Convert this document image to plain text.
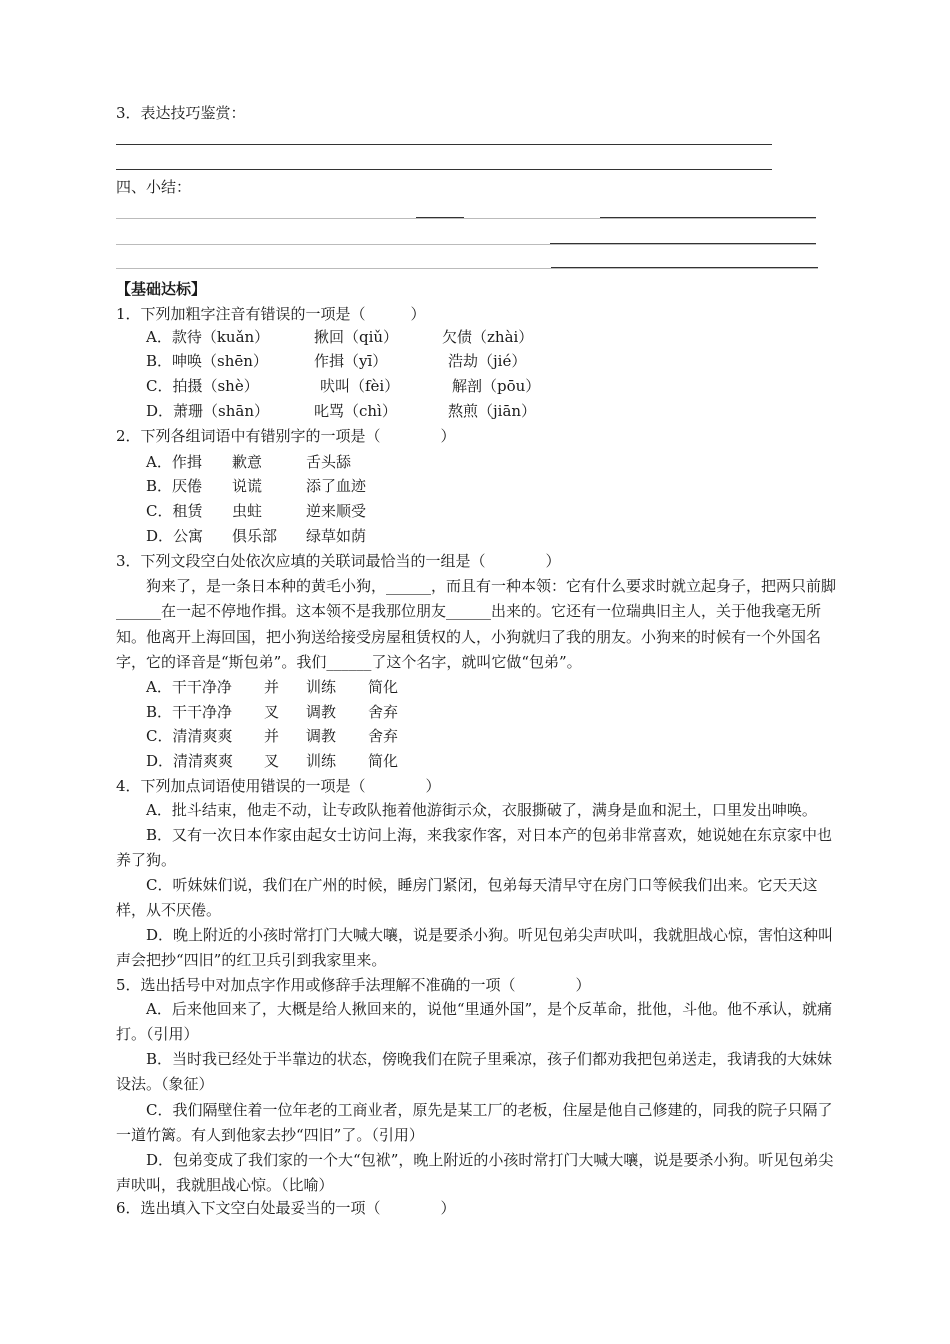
3．表达技巧鉴赏：
四、小结：
【基础达标】
1．下列加粗字注音有错误的一项是（　　　）
A．款待（kuǎn）	揪回（qiǔ）	欠债（zhài）
B．呻唤（shēn）	作揖（yī）	浩劫（jié）
C．拍摄（shè）	吠叫（fèi）	解剖（pōu）
D．萧珊（shān）	叱骂（chì）	熬煎（jiān）
2．下列各组词语中有错别字的一项是（　　　　）
A．作揖 歉意	舌头舔
B．厌倦 说谎	添了血迹
C．租赁 虫蛀	逆来顺受
D．公寓 俱乐部 绿草如荫
3．下列文段空白处依次应填的关联词最恰当的一组是（　　　　）
狗来了，是一条日本种的黄毛小狗，______，而且有一种本领：它有什么要求时就立起身子，把两只前脚______在一起不停地作揖。这本领不是我那位朋友______出来的。它还有一位瑞典旧主人，关于他我毫无所知。他离开上海回国，把小狗送给接受房屋租赁权的人，小狗就归了我的朋友。小狗来的时候有一个外国名字，它的译音是“斯包弟”。我们______了这个名字，就叫它做“包弟”。
A．干干净净 并 训练 简化
B．干干净净 叉 调教 舍弃
C．清清爽爽 并 调教 舍弃
D．清清爽爽 叉 训练 简化
4．下列加点词语使用错误的一项是（　　　　）
A．批斗结束，他走不动，让专政队拖着他游街示众，衣服撕破了，满身是血和泥土，口里发出呻唤。
B．又有一次日本作家由起女士访问上海，来我家作客，对日本产的包弟非常喜欢，她说她在东京家中也养了狗。
C．听妹妹们说，我们在广州的时候，睡房门紧闭，包弟每天清早守在房门口等候我们出来。它天天这样，从不厌倦。
D．晚上附近的小孩时常打门大喊大嚷，说是要杀小狗。听见包弟尖声吠叫，我就胆战心惊，害怕这种叫声会把抄“四旧”的红卫兵引到我家里来。
5．选出括号中对加点字作用或修辞手法理解不准确的一项（　　　　）
A．后来他回来了，大概是给人揪回来的，说他“里通外国”，是个反革命，批他，斗他。他不承认，就痛打。（引用）
B．当时我已经处于半靠边的状态，傍晚我们在院子里乘凉，孩子们都劝我把包弟送走，我请我的大妹妹设法。（象征）
C．我们隔壁住着一位年老的工商业者，原先是某工厂的老板，住屋是他自己修建的，同我的院子只隔了一道竹篱。有人到他家去抄“四旧”了。（引用）
D．包弟变成了我们家的一个大“包袱”，晚上附近的小孩时常打门大喊大嚷，说是要杀小狗。听见包弟尖声吠叫，我就胆战心惊。（比喻）
6．选出填入下文空白处最妥当的一项（　　　　）
